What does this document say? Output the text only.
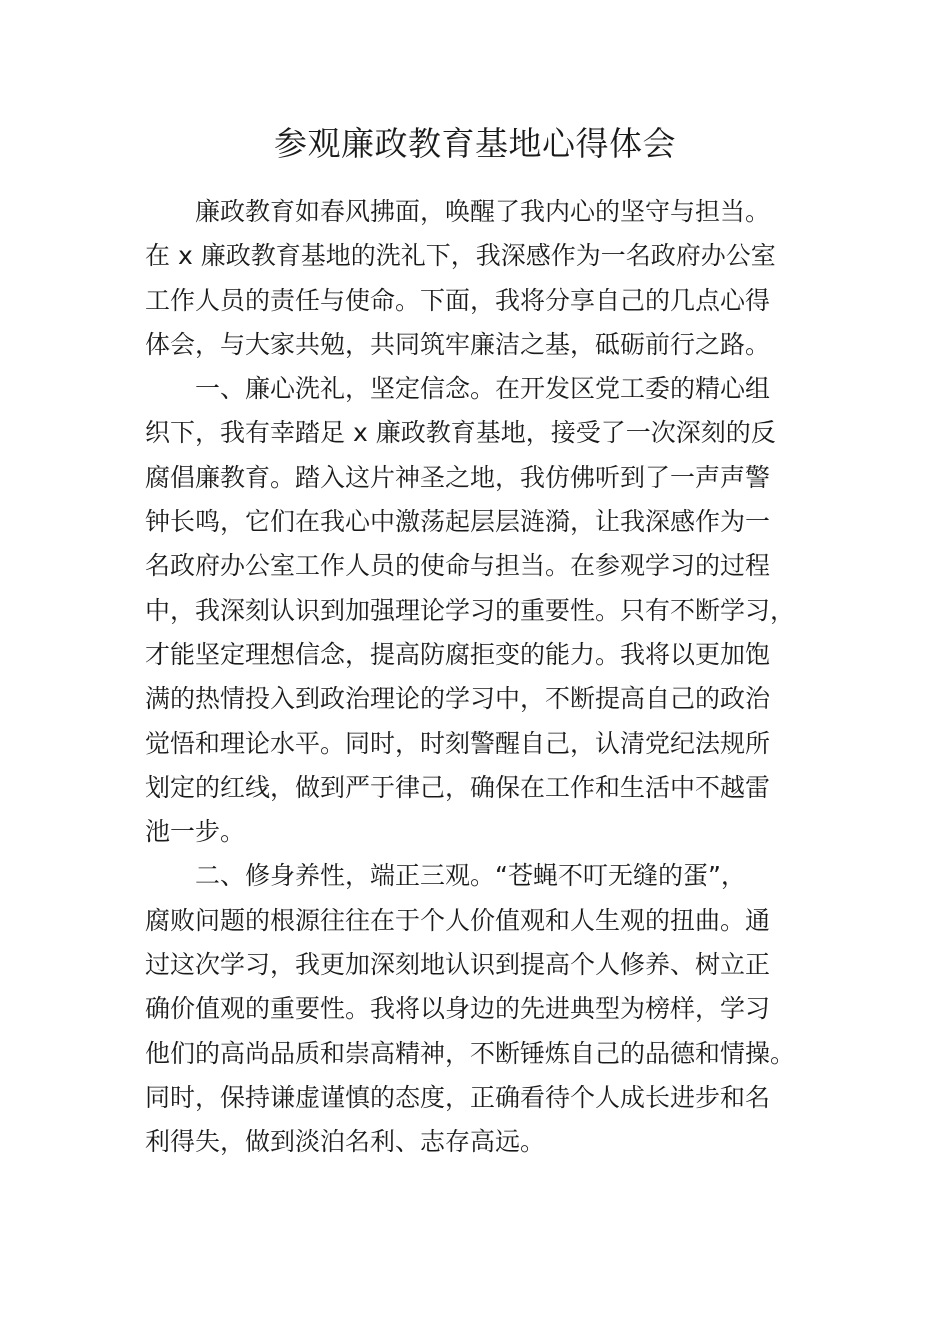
参观廉政教育基地心得体会

廉政教育如春风拂面，唤醒了我内心的坚守与担当。
在 x 廉政教育基地的洗礼下，我深感作为一名政府办公室
工作人员的责任与使命。下面，我将分享自己的几点心得
体会，与大家共勉，共同筑牢廉洁之基，砥砺前行之路。

一、廉心洗礼，坚定信念。在开发区党工委的精心组
织下，我有幸踏足 x 廉政教育基地，接受了一次深刻的反
腐倡廉教育。踏入这片神圣之地，我仿佛听到了一声声警
钟长鸣，它们在我心中激荡起层层涟漪，让我深感作为一
名政府办公室工作人员的使命与担当。在参观学习的过程
中，我深刻认识到加强理论学习的重要性。只有不断学习，
才能坚定理想信念，提高防腐拒变的能力。我将以更加饱
满的热情投入到政治理论的学习中，不断提高自己的政治
觉悟和理论水平。同时，时刻警醒自己，认清党纪法规所
划定的红线，做到严于律己，确保在工作和生活中不越雷
池一步。

二、修身养性，端正三观。“苍蝇不叮无缝的蛋”，
腐败问题的根源往往在于个人价值观和人生观的扭曲。通
过这次学习，我更加深刻地认识到提高个人修养、树立正
确价值观的重要性。我将以身边的先进典型为榜样，学习
他们的高尚品质和崇高精神，不断锤炼自己的品德和情操。
同时，保持谦虚谨慎的态度，正确看待个人成长进步和名
利得失，做到淡泊名利、志存高远。
